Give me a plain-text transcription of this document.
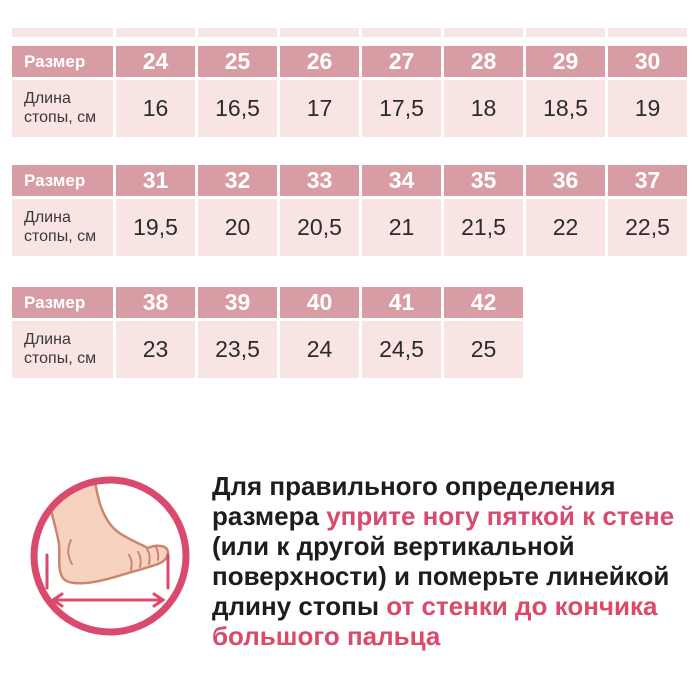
Размер	24	25	26	27	28	29	30
Длина стопы, см	16	16,5	17	17,5	18	18,5	19
Размер	31	32	33	34	35	36	37
Длина стопы, см	19,5	20	20,5	21	21,5	22	22,5
Размер	38	39	40	41	42
Длина стопы, см	23	23,5	24	24,5	25
Для правильного определения
размера уприте ногу пяткой к стене
(или к другой вертикальной
поверхности) и померьте линейкой
длину стопы от стенки до кончика
большого пальца
